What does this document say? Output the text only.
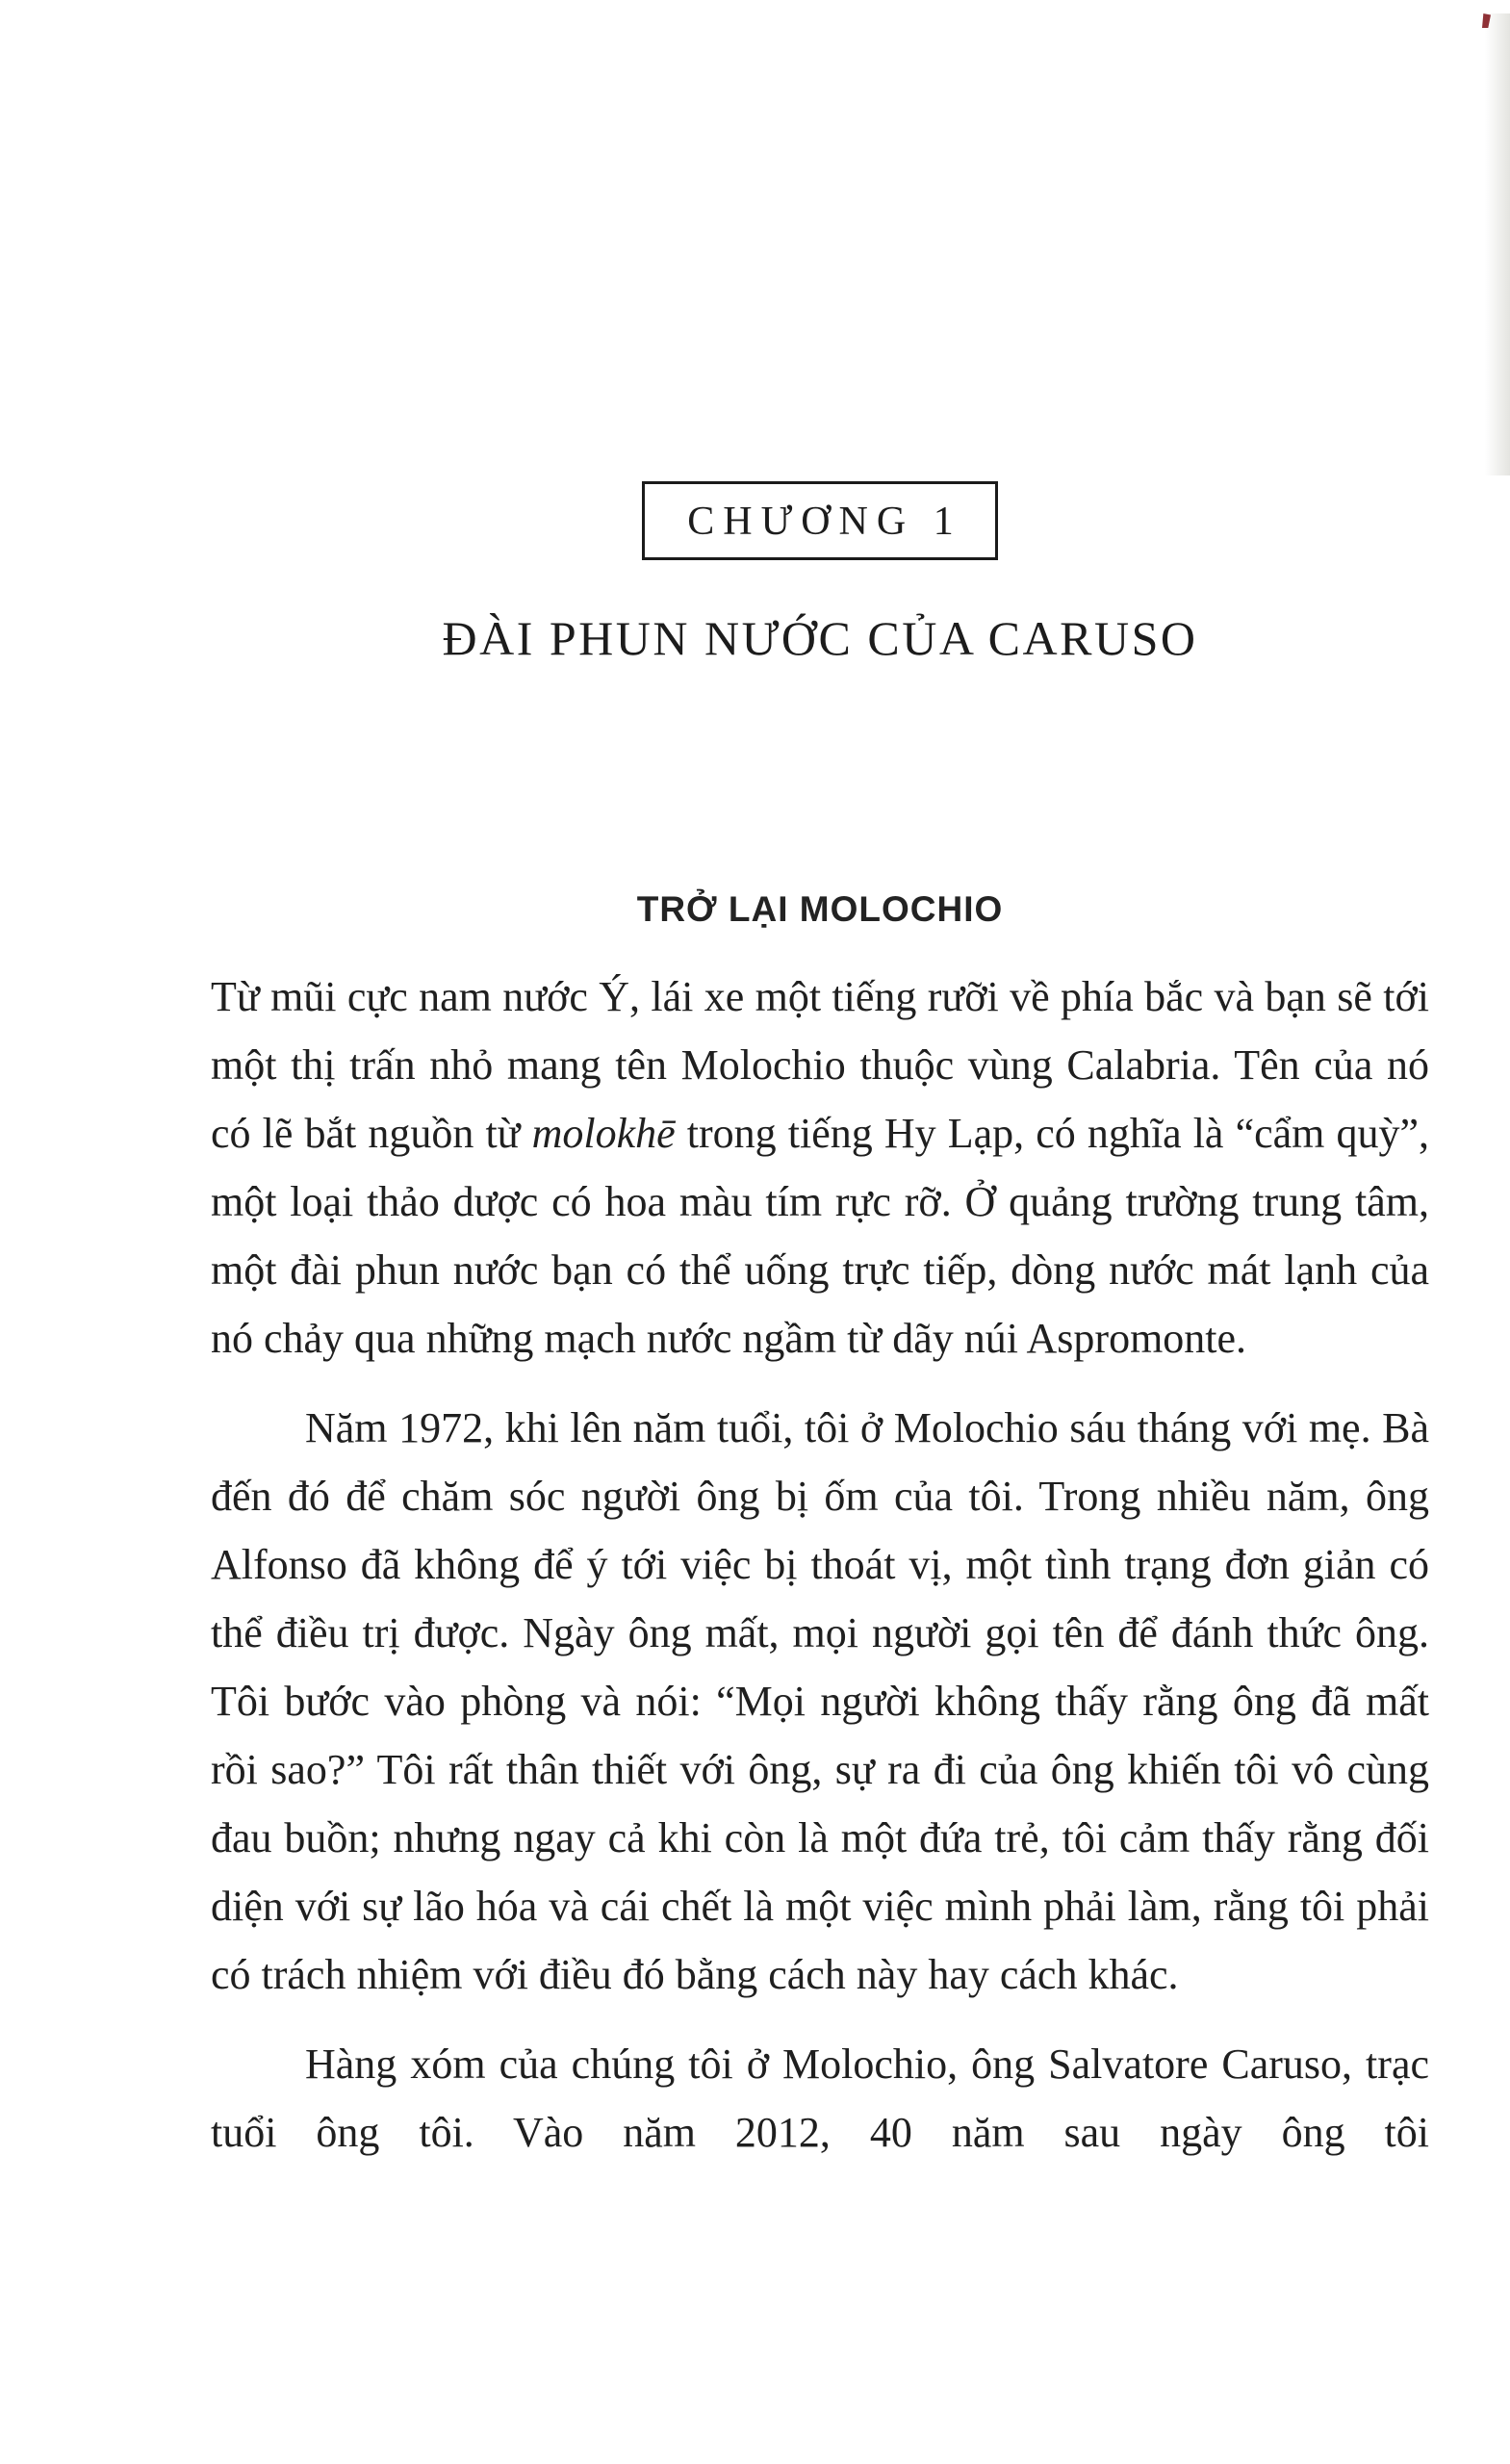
CHƯƠNG 1
ĐÀI PHUN NƯỚC CỦA CARUSO
TRỞ LẠI MOLOCHIO

Từ mũi cực nam nước Ý, lái xe một tiếng rưỡi về phía bắc và bạn sẽ tới một thị trấn nhỏ mang tên Molochio thuộc vùng Calabria. Tên của nó có lẽ bắt nguồn từ molokhē trong tiếng Hy Lạp, có nghĩa là “cẩm quỳ”, một loại thảo dược có hoa màu tím rực rỡ. Ở quảng trường trung tâm, một đài phun nước bạn có thể uống trực tiếp, dòng nước mát lạnh của nó chảy qua những mạch nước ngầm từ dãy núi Aspromonte.

Năm 1972, khi lên năm tuổi, tôi ở Molochio sáu tháng với mẹ. Bà đến đó để chăm sóc người ông bị ốm của tôi. Trong nhiều năm, ông Alfonso đã không để ý tới việc bị thoát vị, một tình trạng đơn giản có thể điều trị được. Ngày ông mất, mọi người gọi tên để đánh thức ông. Tôi bước vào phòng và nói: “Mọi người không thấy rằng ông đã mất rồi sao?” Tôi rất thân thiết với ông, sự ra đi của ông khiến tôi vô cùng đau buồn; nhưng ngay cả khi còn là một đứa trẻ, tôi cảm thấy rằng đối diện với sự lão hóa và cái chết là một việc mình phải làm, rằng tôi phải có trách nhiệm với điều đó bằng cách này hay cách khác.

Hàng xóm của chúng tôi ở Molochio, ông Salvatore Caruso, trạc tuổi ông tôi. Vào năm 2012, 40 năm sau ngày ông tôi
